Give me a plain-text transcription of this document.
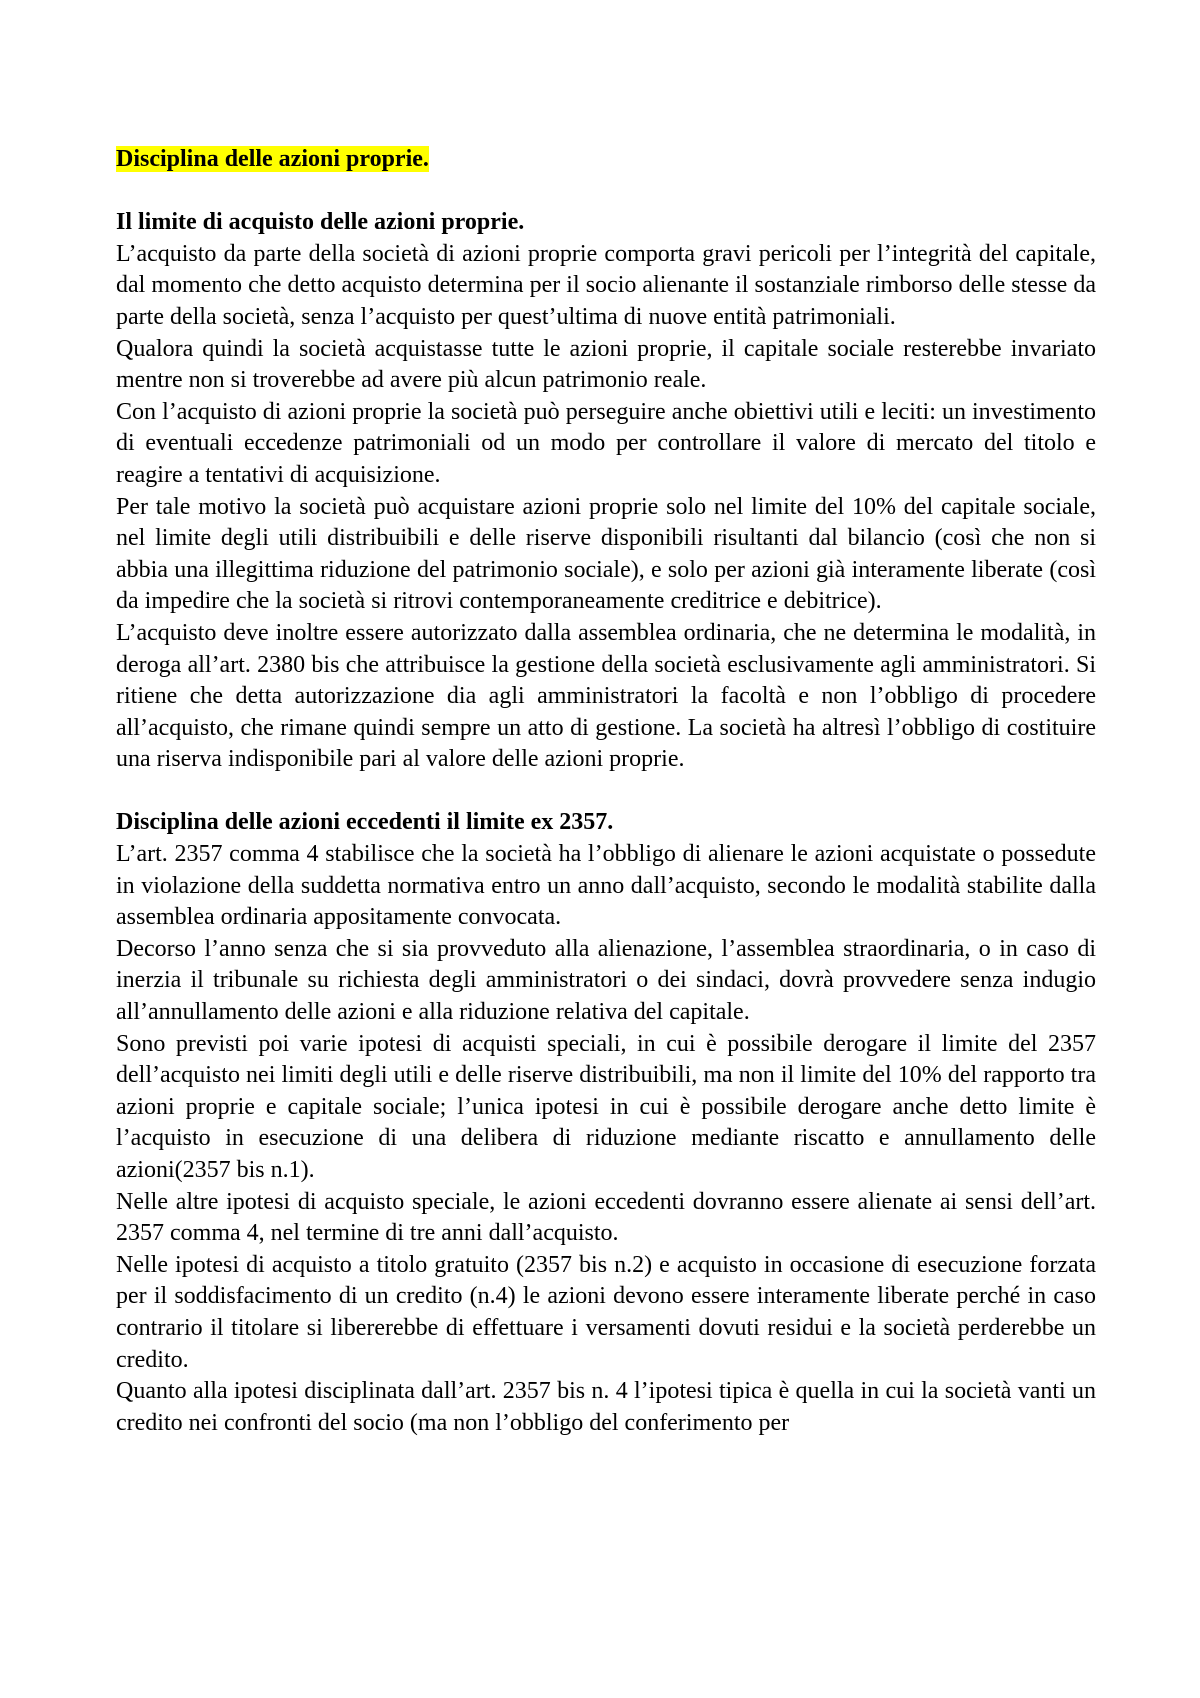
Disciplina delle azioni proprie.
Il limite di acquisto delle azioni proprie.

L’acquisto da parte della società di azioni proprie comporta gravi pericoli per l’integrità del capitale, dal momento che detto acquisto determina per il socio alienante il sostanziale rimborso delle stesse da parte della società, senza l’acquisto per quest’ultima di nuove entità patrimoniali.

Qualora quindi la società acquistasse tutte le azioni proprie, il capitale sociale resterebbe invariato mentre non si troverebbe ad avere più alcun patrimonio reale.

Con l’acquisto di azioni proprie la società può perseguire anche obiettivi utili e leciti: un investimento di eventuali eccedenze patrimoniali od un modo per controllare il valore di mercato del titolo e reagire a tentativi di acquisizione.

Per tale motivo la società può acquistare azioni proprie solo nel limite del 10% del capitale sociale, nel limite degli utili distribuibili e delle riserve disponibili risultanti dal bilancio (così che non si abbia una illegittima riduzione del patrimonio sociale), e solo per azioni già interamente liberate (così da impedire che la società si ritrovi contemporaneamente creditrice e debitrice).

L’acquisto deve inoltre essere autorizzato dalla assemblea ordinaria, che ne determina le modalità, in deroga all’art. 2380 bis che attribuisce la gestione della società esclusivamente agli amministratori. Si ritiene che detta autorizzazione dia agli amministratori la facoltà e non l’obbligo di procedere all’acquisto, che rimane quindi sempre un atto di gestione. La società ha altresì l’obbligo di costituire una riserva indisponibile pari al valore delle azioni proprie.

Disciplina delle azioni eccedenti il limite ex 2357.

L’art. 2357 comma 4 stabilisce che la società ha l’obbligo di alienare le azioni acquistate o possedute in violazione della suddetta normativa entro un anno dall’acquisto, secondo le modalità stabilite dalla assemblea ordinaria appositamente convocata.

Decorso l’anno senza che si sia provveduto alla alienazione, l’assemblea straordinaria, o in caso di inerzia il tribunale su richiesta degli amministratori o dei sindaci, dovrà provvedere senza indugio all’annullamento delle azioni e alla riduzione relativa del capitale.

Sono previsti poi varie ipotesi di acquisti speciali, in cui è possibile derogare il limite del 2357 dell’acquisto nei limiti degli utili e delle riserve distribuibili, ma non il limite del 10% del rapporto tra azioni proprie e capitale sociale; l’unica ipotesi in cui è possibile derogare anche detto limite è l’acquisto in esecuzione di una delibera di riduzione mediante riscatto e annullamento delle azioni(2357 bis n.1).

Nelle altre ipotesi di acquisto speciale, le azioni eccedenti dovranno essere alienate ai sensi dell’art. 2357 comma 4, nel termine di tre anni dall’acquisto.

Nelle ipotesi di acquisto a titolo gratuito (2357 bis n.2) e acquisto in occasione di esecuzione forzata per il soddisfacimento di un credito (n.4) le azioni devono essere interamente liberate perché in caso contrario il titolare si libererebbe di effettuare i versamenti dovuti residui e la società perderebbe un credito.

Quanto alla ipotesi disciplinata dall’art. 2357 bis n. 4 l’ipotesi tipica è quella in cui la società vanti un credito nei confronti del socio (ma non l’obbligo del conferimento per
